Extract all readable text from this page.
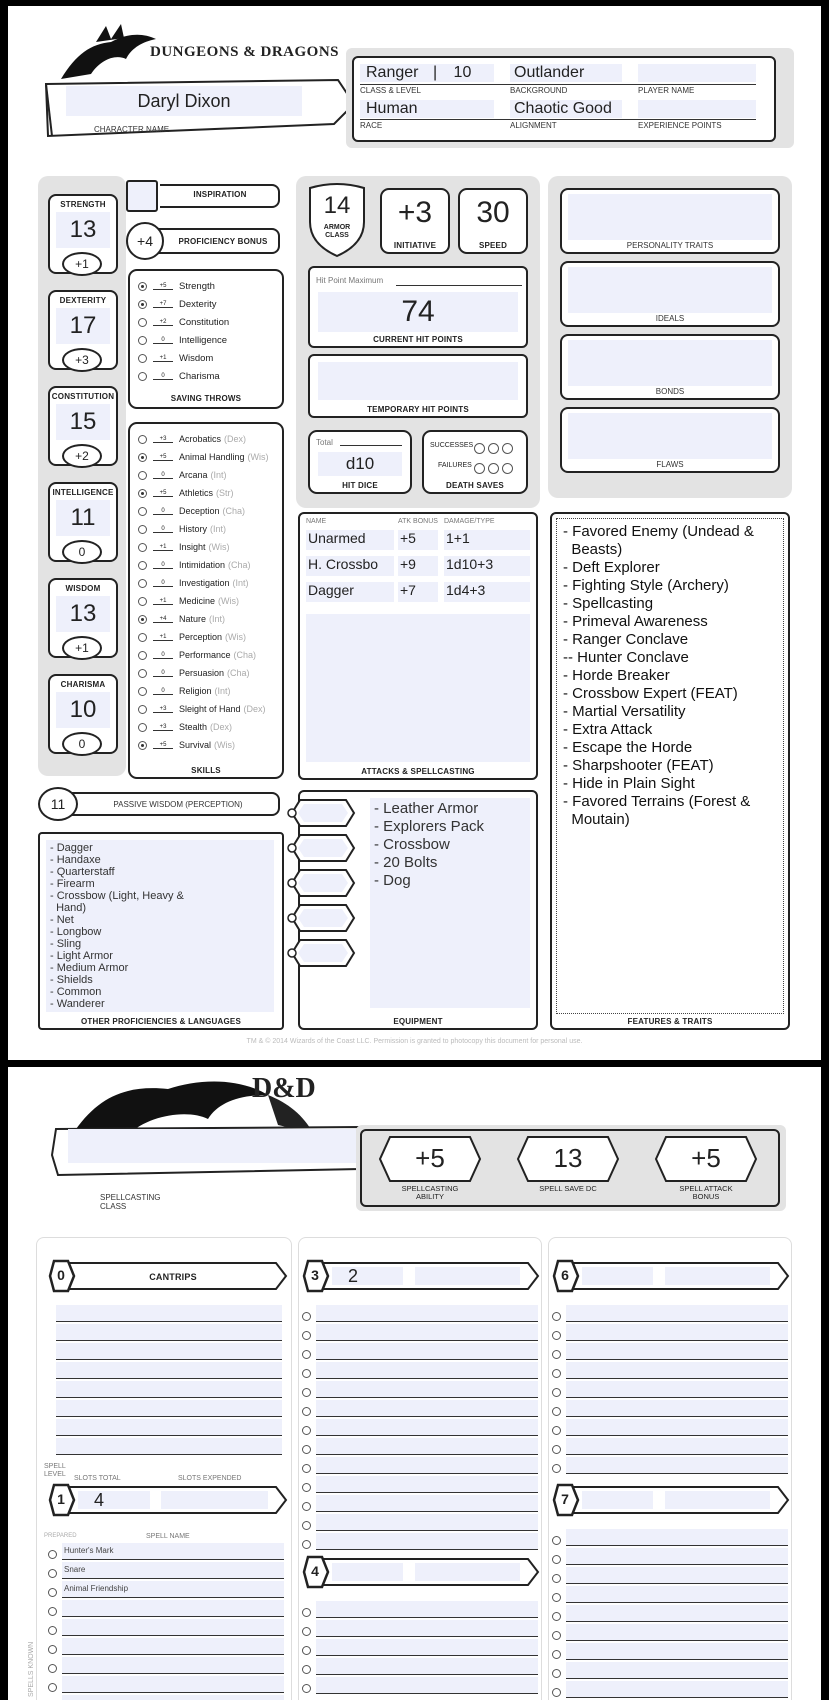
DUNGEONS & DRAGONS
Daryl Dixon
CHARACTER NAME
Ranger | 10	Outlander
CLASS & LEVEL	BACKGROUND	PLAYER NAME
Human	Chaotic Good
RACE	ALIGNMENT	EXPERIENCE POINTS
INSPIRATION
+4	PROFICIENCY BONUS
+5	Strength
+7	Dexterity
+2	Constitution
0	Intelligence
+1	Wisdom
0	Charisma
SAVING THROWS
+3	Acrobatics (Dex)
+5	Animal Handling (Wis)
0	Arcana (Int)
+5	Athletics (Str)
0	Deception (Cha)
0	History (Int)
+1	Insight (Wis)
0	Intimidation (Cha)
0	Investigation (Int)
+1	Medicine (Wis)
+4	Nature (Int)
+1	Perception (Wis)
0	Performance (Cha)
0	Persuasion (Cha)
0	Religion (Int)
+3	Sleight of Hand (Dex)
+3	Stealth (Dex)
+5	Survival (Wis)
SKILLS
11	PASSIVE WISDOM (PERCEPTION)
- Dagger
- Handaxe
- Quarterstaff
- Firearm
- Crossbow (Light, Heavy &
Hand)
- Net
- Longbow
- Sling
- Light Armor
- Medium Armor
- Shields
- Common
- Wanderer
OTHER PROFICIENCIES & LANGUAGES
14
ARMOR CLASS
+3
INITIATIVE
30
SPEED
Hit Point Maximum
74
CURRENT HIT POINTS
TEMPORARY HIT POINTS
Total
d10
HIT DICE
SUCCESSES
FAILURES
DEATH SAVES
NAME	ATK BONUS DAMAGE/TYPE
Unarmed	+5	1+1
H. Crossbo	+9	1d10+3
Dagger	+7	1d4+3
ATTACKS & SPELLCASTING
- Leather Armor
- Explorers Pack
- Crossbow
- 20 Bolts
- Dog
EQUIPMENT
- Favored Enemy (Undead &
Beasts)
- Deft Explorer
- Fighting Style (Archery)
- Spellcasting
- Primeval Awareness
- Ranger Conclave
-- Hunter Conclave
- Horde Breaker
- Crossbow Expert (FEAT)
- Martial Versatility
- Extra Attack
- Escape the Horde
- Sharpshooter (FEAT)
- Hide in Plain Sight
- Favored Terrains (Forest &
Moutain)
FEATURES & TRAITS
TM & © 2014 Wizards of the Coast LLC. Permission is granted to photocopy this document for personal use.
STRENGTH
13
+1
DEXTERITY
17
+3
CONSTITUTION
15
+2
INTELLIGENCE
11
0
WISDOM
13
+1
CHARISMA
10
0
PERSONALITY TRAITS
IDEALS
BONDS
FLAWS
D&D
SPELLCASTING CLASS
+5
SPELLCASTING ABILITY
13
SPELL SAVE DC
+5
SPELL ATTACK BONUS
0	CANTRIPS
1	4
Hunter's Mark
Snare
Animal Friendship
3	2
4
6
7
SPELL LEVEL
SLOTS TOTAL	SLOTS EXPENDED
PREPARED	SPELL NAME
SPELLS KNOWN
